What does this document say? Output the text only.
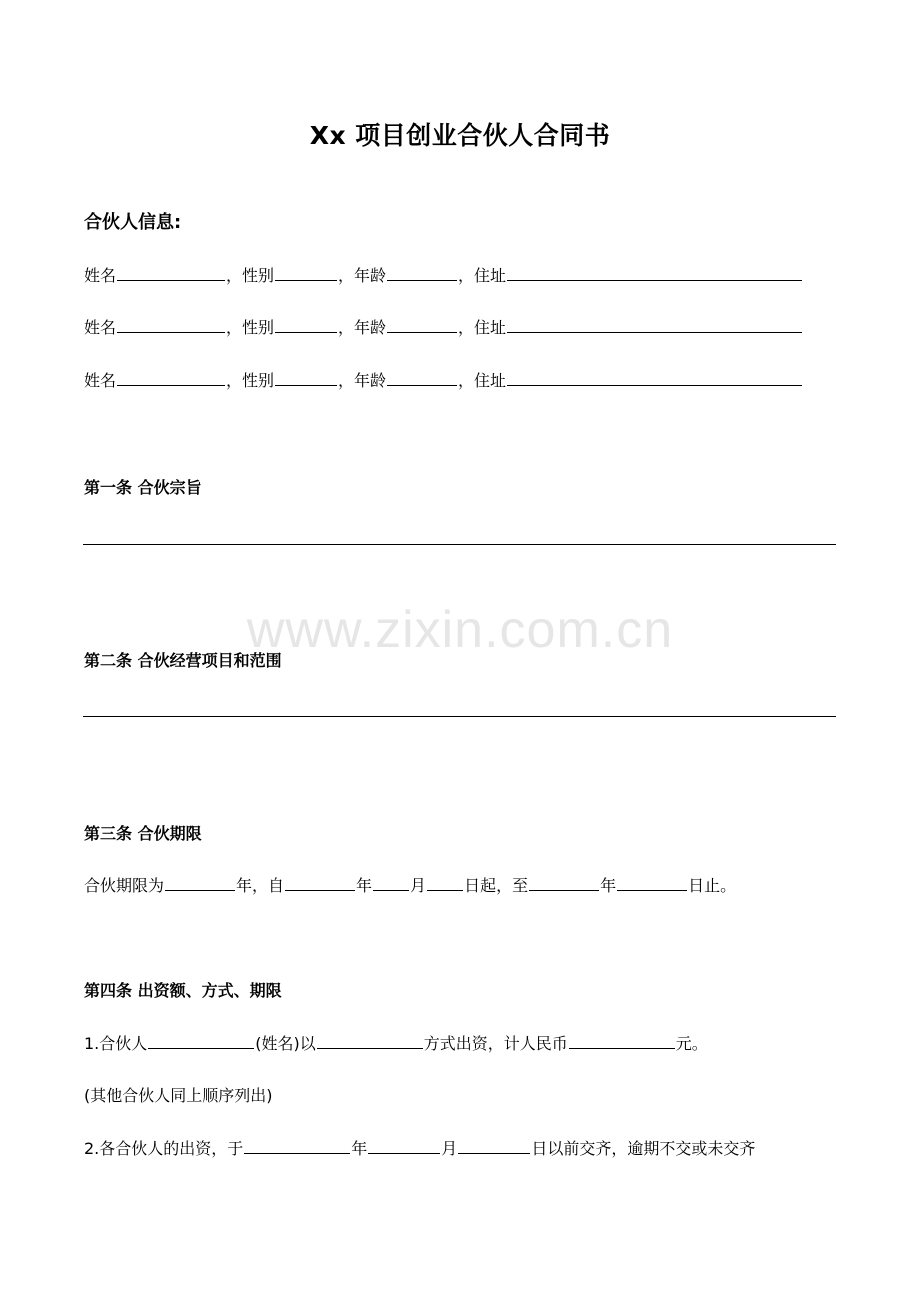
Xx 项目创业合伙人合同书
合伙人信息:
姓名	，性别	，年龄	，住址
姓名	，性别	，年龄	，住址
姓名	，性别	，年龄	，住址
第一条 合伙宗旨
www.zixin.com.cn
第二条 合伙经营项目和范围
第三条 合伙期限
合伙期限为	年，自	年 月 日起，至	年	日止。
第四条 出资额、方式、期限
1.合伙人	(姓名)以	方式出资，计人民币	元。
(其他合伙人同上顺序列出)
2.各合伙人的出资，于	年	月	日以前交齐，逾期不交或未交齐
